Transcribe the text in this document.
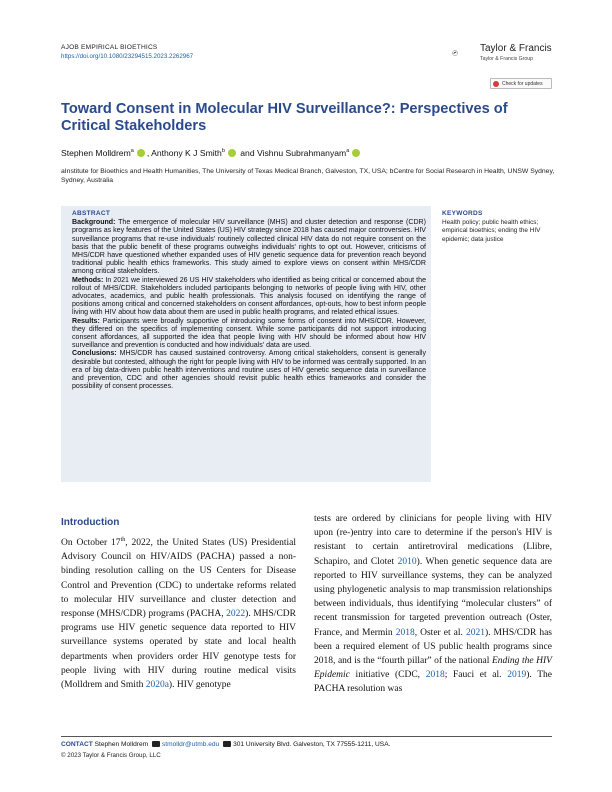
AJOB EMPIRICAL BIOETHICS
https://doi.org/10.1080/23294515.2023.2262967
Taylor & Francis
Taylor & Francis Group
Check for updates
Toward Consent in Molecular HIV Surveillance?: Perspectives of Critical Stakeholders
Stephen Molldrem$^a$ , Anthony K J Smith$^b$ and Vishnu Subrahmanyam$^a$
aInstitute for Bioethics and Health Humanities, The University of Texas Medical Branch, Galveston, TX, USA; bCentre for Social Research in Health, UNSW Sydney, Sydney, Australia
ABSTRACT

Background: The emergence of molecular HIV surveillance (MHS) and cluster detection and response (CDR) programs as key features of the United States (US) HIV strategy since 2018 has caused major controversies. HIV surveillance programs that re-use individuals' routinely collected clinical HIV data do not require consent on the basis that the public benefit of these programs outweighs individuals' rights to opt out. However, criticisms of MHS/CDR have questioned whether expanded uses of HIV genetic sequence data for prevention reach beyond traditional public health ethics frameworks. This study aimed to explore views on consent within MHS/CDR among critical stakeholders.

Methods: In 2021 we interviewed 26 US HIV stakeholders who identified as being critical or concerned about the rollout of MHS/CDR. Stakeholders included participants belonging to networks of people living with HIV, other advocates, academics, and public health professionals. This analysis focused on identifying the range of positions among critical and concerned stakeholders on consent affordances, opt-outs, how to best inform people living with HIV about how data about them are used in public health programs, and related ethical issues.

Results: Participants were broadly supportive of introducing some forms of consent into MHS/CDR. However, they differed on the specifics of implementing consent. While some participants did not support introducing consent affordances, all supported the idea that people living with HIV should be informed about how HIV surveillance and prevention is conducted and how individuals' data are used.

Conclusions: MHS/CDR has caused sustained controversy. Among critical stakeholders, consent is generally desirable but contested, although the right for people living with HIV to be informed was centrally supported. In an era of big data-driven public health interventions and routine uses of HIV genetic sequence data in surveillance and prevention, CDC and other agencies should revisit public health ethics frameworks and consider the possibility of consent processes.

KEYWORDS
Health policy; public health ethics; empirical bioethics; ending the HIV epidemic; data justice
Introduction
On October 17th, 2022, the United States (US) Presidential Advisory Council on HIV/AIDS (PACHA) passed a non-binding resolution calling on the US Centers for Disease Control and Prevention (CDC) to undertake reforms related to molecular HIV surveillance and cluster detection and response (MHS/CDR) programs (PACHA, 2022). MHS/CDR programs use HIV genetic sequence data reported to HIV surveillance systems operated by state and local health departments when providers order HIV genotype tests for people living with HIV during routine medical visits (Molldrem and Smith 2020a). HIV genotype
tests are ordered by clinicians for people living with HIV upon (re-)entry into care to determine if the person's HIV is resistant to certain antiretroviral medications (Llibre, Schapiro, and Clotet 2010). When genetic sequence data are reported to HIV surveillance systems, they can be analyzed using phylogenetic analysis to map transmission relationships between individuals, thus identifying “molecular clusters” of recent transmission for targeted prevention outreach (Oster, France, and Mermin 2018, Oster et al. 2021). MHS/CDR has been a required element of US public health programs since 2018, and is the “fourth pillar” of the national Ending the HIV Epidemic initiative (CDC, 2018; Fauci et al. 2019). The PACHA resolution was
CONTACT Stephen Molldrem stmolldr@utmb.edu 301 University Blvd. Galveston, TX 77555-1211, USA.
© 2023 Taylor & Francis Group, LLC
